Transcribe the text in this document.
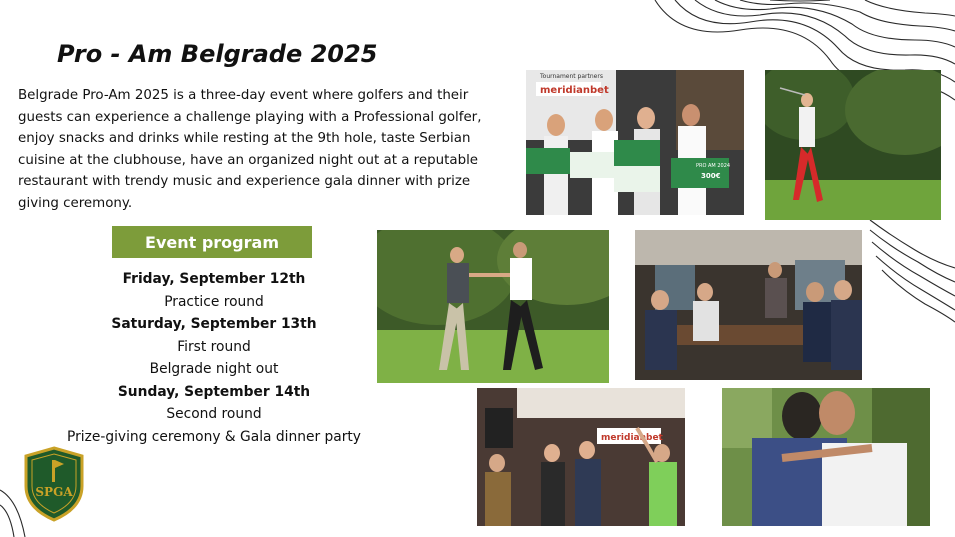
Pro - Am Belgrade 2025

Belgrade Pro-Am 2025 is a three-day event where golfers and their guests can experience a challenge playing with a Professional golfer, enjoy snacks and drinks while resting at the 9th hole, taste Serbian cuisine at the clubhouse, have an organized night out at a reputable restaurant with trendy music and experience gala dinner with prize giving ceremony.

Event program
Friday, September 12th
Practice round
Saturday, September 13th
First round
Belgrade night out
Sunday, September 14th
Second round
Prize-giving ceremony & Gala dinner party
Tournament partners
meridianbet
PRO AM 2024
300€
meridianbet
SPGA
